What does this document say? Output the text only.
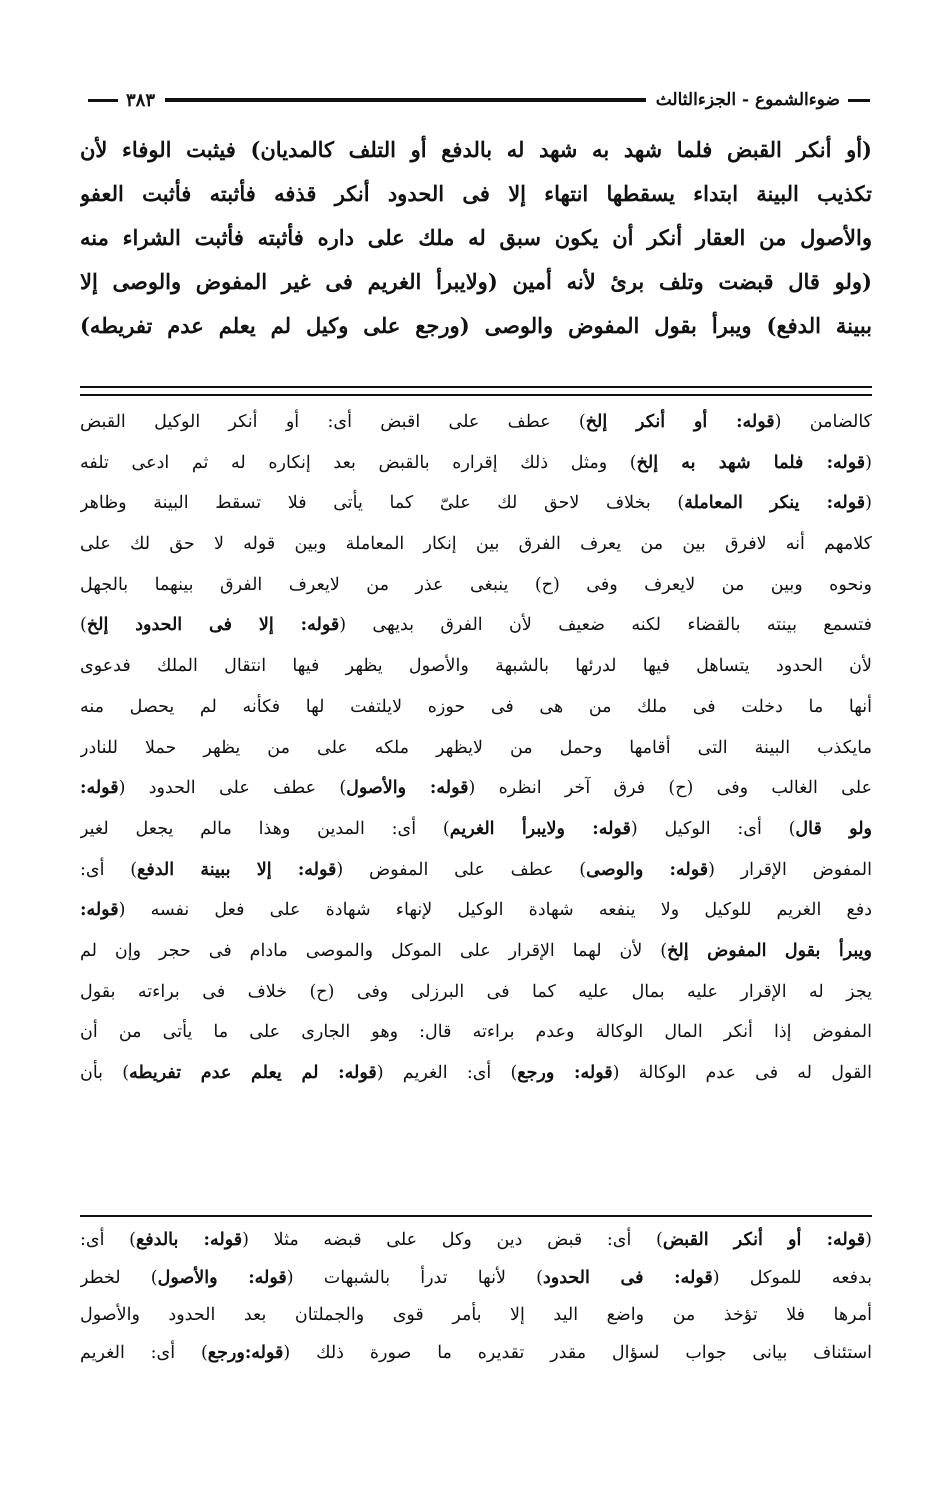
ضوءالشموع - الجزءالثالث
٣٨٣
(أو أنكر القبض فلما شهد به شهد له بالدفع أو التلف كالمديان) فيثبت الوفاء لأن
تكذيب البينة ابتداء يسقطها انتهاء إلا فى الحدود أنكر قذفه فأثبته فأثبت العفو
والأصول من العقار أنكر أن يكون سبق له ملك على داره فأثبته فأثبت الشراء منه
(ولو قال قبضت وتلف برئ لأنه أمين (ولايبرأ الغريم فى غير المفوض والوصى إلا
ببينة الدفع) ويبرأ بقول المفوض والوصى (ورجع على وكيل لم يعلم عدم تفريطه)
كالضامن (قوله: أو أنكر إلخ) عطف على اقبض أى: أو أنكر الوكيل القبض
(قوله: فلما شهد به إلخ) ومثل ذلك إقراره بالقبض بعد إنكاره له ثم ادعى تلفه
(قوله: ينكر المعاملة) بخلاف لاحق لك علىّ كما يأتى فلا تسقط البينة وظاهر
كلامهم أنه لافرق بين من يعرف الفرق بين إنكار المعاملة وبين قوله لا حق لك على
ونحوه وبين من لايعرف وفى (ح) ينبغى عذر من لايعرف الفرق بينهما بالجهل
فتسمع بينته بالقضاء لكنه ضعيف لأن الفرق بديهى (قوله: إلا فى الحدود إلخ)
لأن الحدود يتساهل فيها لدرئها بالشبهة والأصول يظهر فيها انتقال الملك فدعوى
أنها ما دخلت فى ملك من هى فى حوزه لايلتفت لها فكأنه لم يحصل منه
مايكذب البينة التى أقامها وحمل من لايظهر ملكه على من يظهر حملا للنادر
على الغالب وفى (ح) فرق آخر انظره (قوله: والأصول) عطف على الحدود (قوله:
ولو قال) أى: الوكيل (قوله: ولايبرأ الغريم) أى: المدين وهذا مالم يجعل لغير
المفوض الإقرار (قوله: والوصى) عطف على المفوض (قوله: إلا ببينة الدفع) أى:
دفع الغريم للوكيل ولا ينفعه شهادة الوكيل لإنهاء شهادة على فعل نفسه (قوله:
ويبرأ بقول المفوض إلخ) لأن لهما الإقرار على الموكل والموصى مادام فى حجر وإن لم
يجز له الإقرار عليه بمال عليه كما فى البرزلى وفى (ح) خلاف فى براءته بقول
المفوض إذا أنكر المال الوكالة وعدم براءته قال: وهو الجارى على ما يأتى من أن
القول له فى عدم الوكالة (قوله: ورجع) أى: الغريم (قوله: لم يعلم عدم تفريطه) بأن
(قوله: أو أنكر القبض) أى: قبض دين وكل على قبضه مثلا (قوله: بالدفع) أى:
بدفعه للموكل (قوله: فى الحدود) لأنها تدرأ بالشبهات (قوله: والأصول) لخطر
أمرها فلا تؤخذ من واضع اليد إلا بأمر قوى والجملتان بعد الحدود والأصول
استئناف بيانى جواب لسؤال مقدر تقديره ما صورة ذلك (قوله:ورجع) أى: الغريم
